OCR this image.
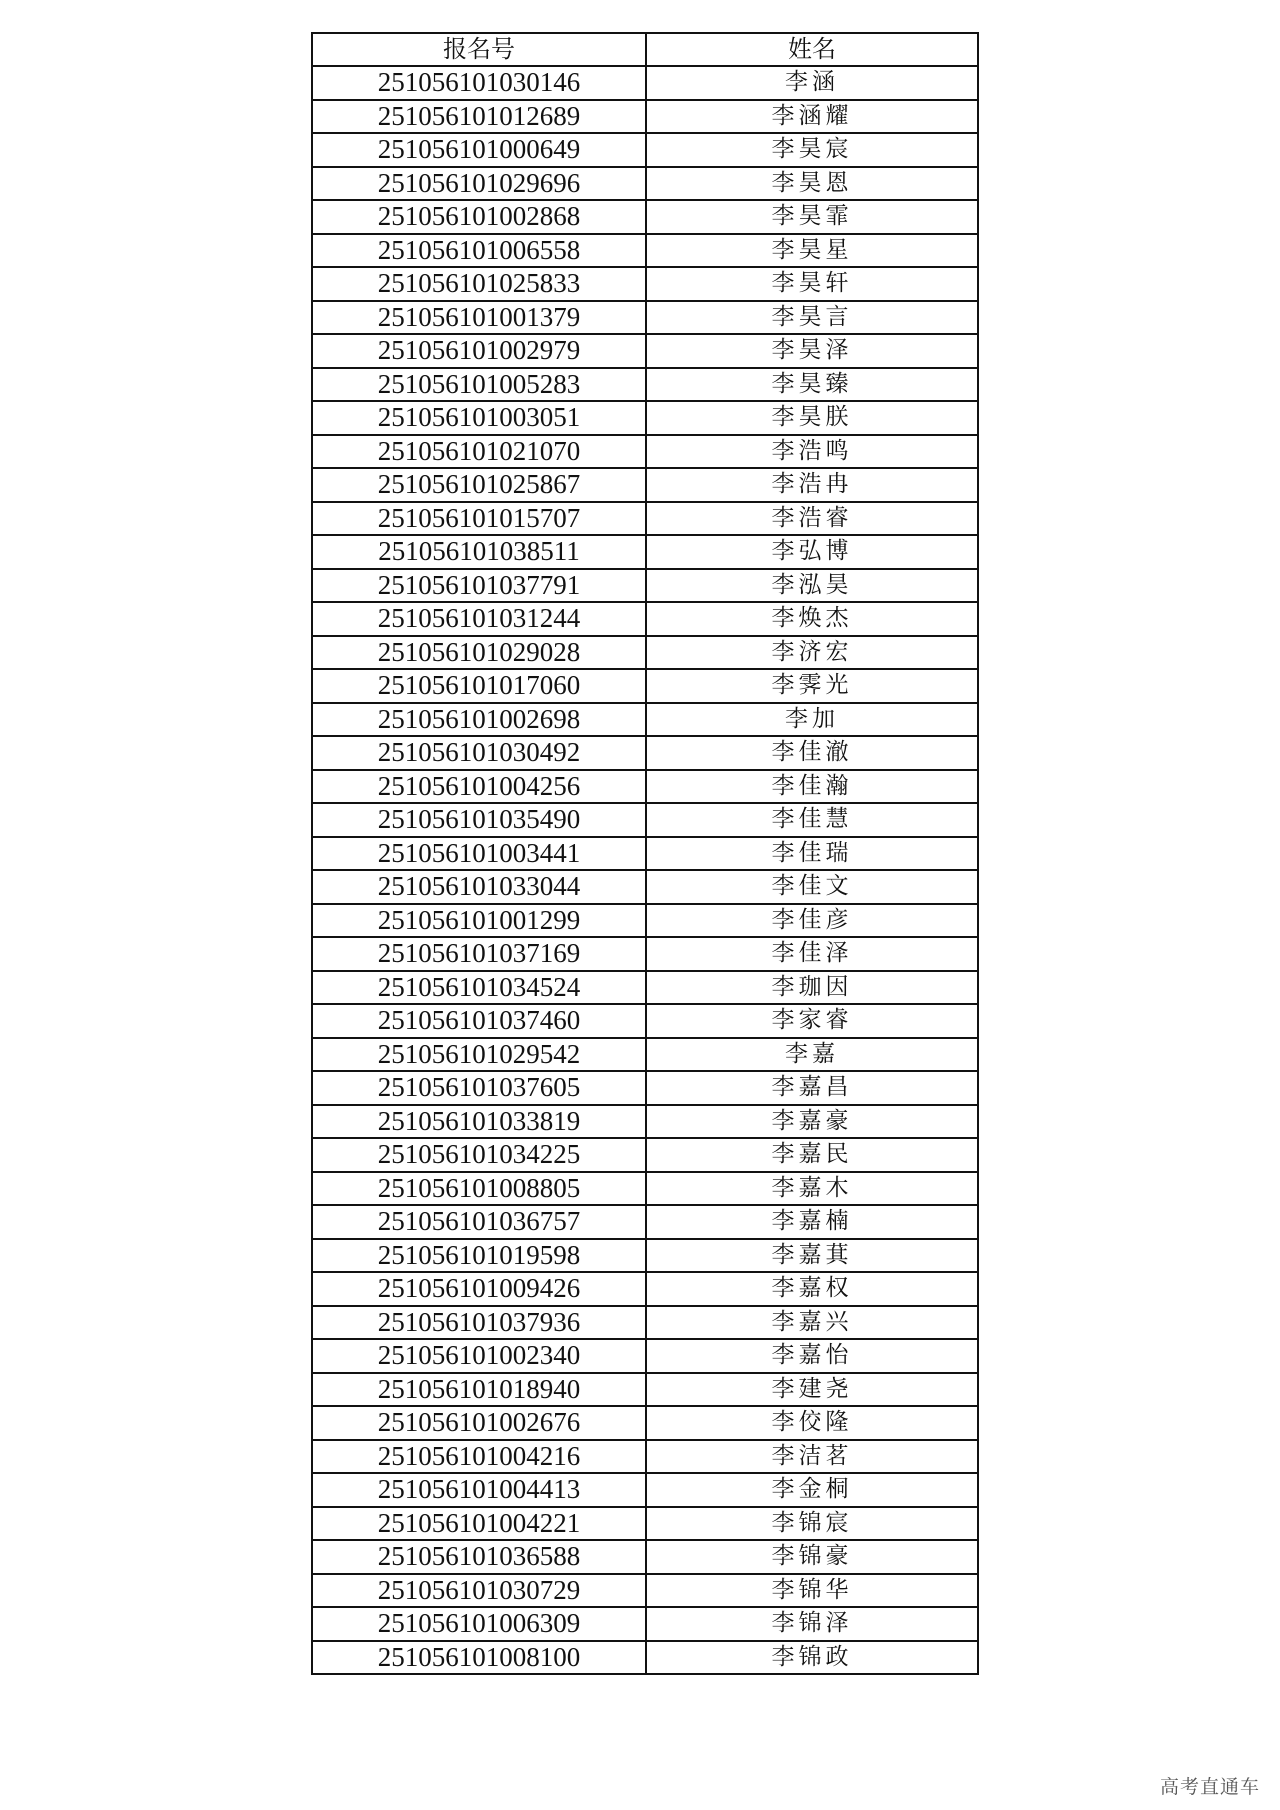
报名号	姓名
251056101030146	李涵
251056101012689	李涵耀
251056101000649	李昊宸
251056101029696	李昊恩
251056101002868	李昊霏
251056101006558	李昊星
251056101025833	李昊轩
251056101001379	李昊言
251056101002979	李昊泽
251056101005283	李昊臻
251056101003051	李昊朕
251056101021070	李浩鸣
251056101025867	李浩冉
251056101015707	李浩睿
251056101038511	李弘博
251056101037791	李泓昊
251056101031244	李焕杰
251056101029028	李济宏
251056101017060	李霁光
251056101002698	李加
251056101030492	李佳澈
251056101004256	李佳瀚
251056101035490	李佳慧
251056101003441	李佳瑞
251056101033044	李佳文
251056101001299	李佳彦
251056101037169	李佳泽
251056101034524	李珈因
251056101037460	李家睿
251056101029542	李嘉
251056101037605	李嘉昌
251056101033819	李嘉豪
251056101034225	李嘉民
251056101008805	李嘉木
251056101036757	李嘉楠
251056101019598	李嘉萁
251056101009426	李嘉权
251056101037936	李嘉兴
251056101002340	李嘉怡
251056101018940	李建尧
251056101002676	李佼隆
251056101004216	李洁茗
251056101004413	李金桐
251056101004221	李锦宸
251056101036588	李锦豪
251056101030729	李锦华
251056101006309	李锦泽
251056101008100	李锦政
高考直通车
